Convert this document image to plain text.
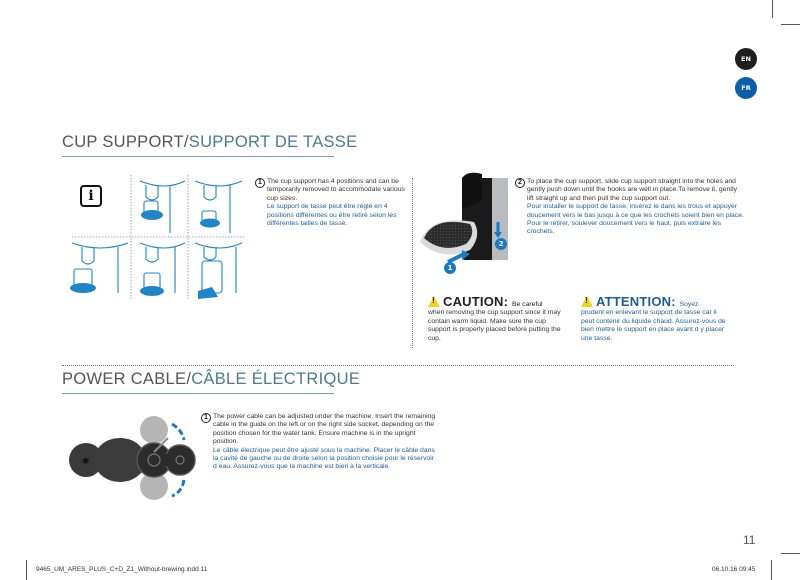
EN
FR
CUP SUPPORT/SUPPORT DE TASSE
i
1 The cup support has 4 positions and can be temporarily removed to accommodate various cup sizes.
Le support de tasse peut être réglé en 4 positions différentes ou être retiré selon les différentes tailles de tasse.
1
2
2 To place the cup support, slide cup support straight into the holes and gently push down until the hooks are well in place.To remove it, gently lift straight up and then pull the cup support out.
Pour installer le support de tasse, insérez le dans les trous et appuyer doucement vers le bas jusqu à ce que les crochets soient bien en place. Pour le retirer, soulever doucement vers le haut, puis extraire les crochets.
!CAUTION: Be careful
when removing the cup support since it may contain warm liquid. Make sure the cup support is properly placed before putting the cup.
!ATTENTION: Soyez
prudent en enlevant le support de tasse car il peut contenir du liquide chaud. Assurez-vous de bien mettre le support en place avant d y placer une tasse.
POWER CABLE/CÂBLE ÉLECTRIQUE
✱
1 The power cable can be adjusted under the machine. Insert the remaining cable in the guide on the left or on the right side socket, depending on the position chosen for the water tank. Ensure machine is in the upright position.
Le câble électrique peut être ajusté sous la machine. Placer le câble dans la cavité de gauche ou de droite selon la position choisie pour le réservoir d eau. Assurez-vous que la machine est bien à la verticale.
11
9465_UM_ARES_PLUS_C+D_Z1_Without-brewing.indd 11	06.10.16 09:45
